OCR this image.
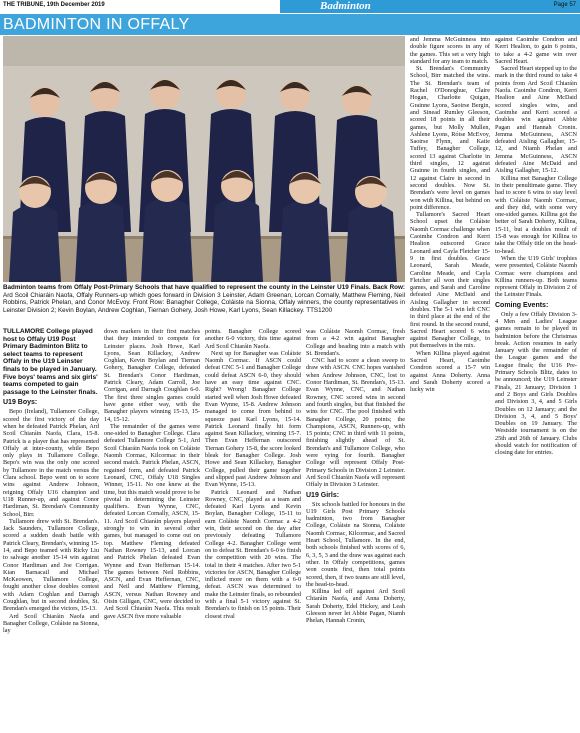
THE TRIBUNE, 19th December 2019	Badminton	Page 57
BADMINTON IN OFFALY
Badminton teams from Offaly Post-Primary Schools that have qualified to represent the county in the Leinster U19 Finals. Back Row: Ard Scoil Chiaráin Naofa, Offaly Runners-up which goes forward in Division 3 Leinster, Adam Greenan, Lorcan Cornally, Matthew Fleming, Neil Robbins, Patrick Phelan, and Conor McEvoy. Front Row: Banagher College, Coláiste na Sionna, Offaly winners, the county representatives in Leinster Division 2; Kevin Boylan, Andrew Coghlan, Tiernan Gohery, Josh Howe, Karl Lyons, Sean Killackey. TTS1200

TULLAMORE College played host to Offaly U19 Post Primary Badminton Blitz to select teams to represent Offaly in the U19 Leinster finals to be played in January. Five boys' teams and six girls' teams competed to gain passage to the Leinster finals.

U19 Boys:

Bepo (Ireland), Tullamore College, scored the first victory of the day when he defeated Patrick Phelan, Ard Scoil Chiaráin Naofa, Clara, 15-8. Patrick is a player that has represented Offaly at inter-county, while Bepo only plays in Tullamore College. Bepo's win was the only one scored by Tullamore in the match versus the Clara school. Bepo went on to score wins against Andrew Johnson, reigning Offaly U16 champion and U18 Runner-up, and against Conor Hardiman, St. Brendan's Community School, Birr.

Tullamore drew with St. Brendan's. Jack Saunders, Tullamore College, scored a sudden death battle with Patrick Cleary, Brendan's, winning 15-14, and Bepo teamed with Ricky Liu to salvage another 15-14 win against Conor Hardiman and Joe Corrigan. Kian Barnacail and Michael McKeowen, Tullamore College, fought another close doubles contest with Adam Coghlan and Darragh Coughlan, but in second doubles, St. Brendan's emerged the victors, 15-13.

Ard Scoil Chiaráin Naofa and Banagher College, Coláiste na Sionna, lay

down markers in their first matches that they intended to compete for Leinster places. Josh Howe, Karl Lyons, Sean Killackey, Andrew Coghlan, Kevin Boylan and Tiernan Gohery, Banagher College, defeated St. Brendan's Conor Hardiman, Patrick Cleary, Adam Carroll, Joe Corrigan, and Darragh Coughlan 6-0. The first three singles games could have gone either way, with the Banagher players winning 15-13, 15-14, 15-12.

The remainder of the games were one-sided to Banagher College. Clara defeated Tullamore College 5-1, Ard Scoil Chiaráin Naofa took on Coláiste Naomh Cormac, Kilcormac in their second match. Patrick Phelan, ASCN, regained form, and defeated Patrick Leonard, CNC, Offaly U18 Singles Winner, 15-11. No one knew at the time, but this match would prove to be pivotal in determining the Leinster qualifiers. Evan Wynne, CNC, defeated Lorcan Cornally, ASCN, 15-11. Ard Scoil Chiaráin players played strongly to win in several other games, but managed to come out on top. Matthew Fleming defeated Nathan Rowney 15-13, and Lorcan and Patrick Phelan defeated Evan Wynne and Evan Heffernan 15-14. The games between Neil Robbins, ASCN, and Evan Heffernan, CNC, and Neil and Matthew Fleming, ASCN, versus Nathan Rowney and Oisin Gilligan, CNC, were decided to Ard Scoil Chiaráin Naofa. This result gave ASCN five more valuable

points. Banagher College scored another 6-0 victory, this time against Ard Scoil Chiaráin Naofa.

Next up for Banagher was Coláiste Naomh Cormac. If ASCN could defeat CNC 5-1 and Banagher College could defeat ASCN 6-0, they should have an easy time against CNC. Right? Wrong! Banagher College started well when Josh Howe defeated Evan Wynne, 15-8. Andrew Johnson managed to come from behind to squeeze past Karl Lyons, 15-14. Patrick Leonard finally hit form against Sean Killackey, winning 15-7. Then Evan Heffernan outscored Tiernan Gohery 15-8, the score looked bleak for Banagher College. Josh Howe and Sean Killackey, Banagher College, pulled their game together and slipped past Andrew Johnson and Evan Wynne, 15-13.

Patrick Leonard and Nathan Rowney, CNC, played as a team and defeated Karl Lyons and Kevin Boylan, Banagher College, 15-11 to earn Coláiste Naomh Cormac a 4-2 win, their second on the day after previously defeating Tullamore College 4-2. Banagher College went on to defeat St. Brendan's 6-0 to finish the competition with 20 wins. The total in their 4 matches. After two 5-1 victories for ASCN, Banagher College inflicted more on them with a 6-0 defeat. ASCN was determined to make the Leinster finals, so rebounded with a final 5-1 victory against St. Brendan's to finish on 15 points. Their closest rival

was Coláiste Naomh Cormac, fresh from a 4-2 win against Banagher College and heading into a match with St. Brendan's.

CNC had to score a clean sweep to draw with ASCN. CNC hopes vanished when Andrew Johnson, CNC, lost to Conor Hardiman, St. Brendan's, 15-13. Evan Wynne, CNC, and Nathan Rowney, CNC scored wins in second and fourth singles, but that finished the wins for CNC. The pool finished with Banagher College, 20 points; the Champions, ASCN, Runners-up, with 15 points; CNC in third with 11 points, finishing slightly ahead of St. Brendan's and Tullamore College, who were vying for fourth. Banagher College will represent Offaly Post-Primary Schools in Division 2 Leinster. Ard Scoil Chiaráin Naofa will represent Offaly in Division 3 Leinster.

U19 Girls:

Six schools battled for honours in the U19 Girls Post Primary Schools badminton, two from Banagher College, Coláiste na Sionna, Coláiste Naomh Cormac, Kilcormac, and Sacred Heart School, Tullamore. In the end, both schools finished with scores of 6, 6, 3, 5, 3 and the draw was against each other. In Offaly competitions, games won counts first, then total points scored, then, if two teams are still level, the head-to-head.

Killina led off against Ard Scoil Chiaráin Naofa, and Anna Doherty, Sarah Doherty, Edel Hickey, and Leah Gleeson never let Abbie Pagan, Niamh Phelan, Hannah Cronin,

and Jemma McGuinness into double figure scores in any of the games. This set a very high standard for any team to match.

St. Brendan's Community School, Birr matched the wins. The St. Brendan's team of Rachel O'Donoghue, Claire Hogan, Charlotte Quigan, Grainne Lyons, Saoirse Bergin, and Sinead Rumley Gleeson, scored 18 points in all their games, but Molly Mullen, Ashlene Lyons, Róise McEvoy, Saoirse Flynn, and Katie Tuffey, Banagher College, scored 13 against Charlotte in third singles, 12 against Grainne in fourth singles, and 12 against Claire in second in second doubles. Now St. Brendan's were level on games won with Killina, but behind on point difference.

Tullamore's Sacred Heart School upset the Coláiste Naomh Cormac challenge when Caoimhe Condron and Kerri Healion outscored Grace Leonard and Cayla Fletcher 15-9 in first doubles. Grace Leonard, Sarah Meade, Caroline Meade, and Cayla Fletcher all won their singles games, and Sarah and Caroline defeated Aine McDaid and Aisling Gallagher in second doubles. The 5-1 win left CNC in third place at the end of the first round. In the second round, Sacred Heart scored 6 wins against Banagher College, to put themselves in the mix.

When Killina played against Sacred Heart, Caoimhe Condron scored a 15-7 win against Anna Doherty. Anna and Sarah Doherty scored a lucky win

against Caoimhe Condron and Kerri Healion, to gain 6 points, to take a 4-2 game win over Sacred Heart.

Sacred Heart stepped up to the mark in the third round to take 4 points from Ard Scoil Chiaráin Naofa. Caoimhe Condron, Kerri Healion and Aine McDaid scored singles wins, and Caoimhe and Kerri scored a doubles win against Abbie Pagan and Hannah Cronin. Jemma McGuinness, ASCN defeated Aisling Gallagher, 15-12, and Niamh Phelan and Jemma McGuinness, ASCN defeated Aine McDaid and Aisling Gallagher, 15-12.

Killina met Banagher College in their penultimate game. They had to score 6 wins to stay level with Coláiste Naomh Cormac, and they did, with some very one-sided games. Killina got the better of Sarah Doherty, Killina, 15-11, but a doubles result of 15-8 was enough for Killina to take the Offaly title on the head-to-head.

When the U19 Girls' trophies were presented, Coláiste Naomh Cormac were champions and Killina runners-up. Both teams represent Offaly in Division 2 of the Leinster Finals.

Coming Events:

Only a few Offaly Division 3-4 Men and Ladies' League games remain to be played in badminton before the Christmas break. Action resumes in early January with the remainder of the League games and the League finals; the U16 Pre-Primary Schools Blitz, dates to be announced; the U19 Leinster Finals, 21 January; Division 1 and 2 Boys and Girls Doubles and Division 3, 4, and 5 Girls Doubles on 12 January; and the Division 3, 4, and 5 Boys' Doubles on 19 January. The Westside tournament is on the 25th and 26th of January. Clubs should watch for notification of closing date for entries.
